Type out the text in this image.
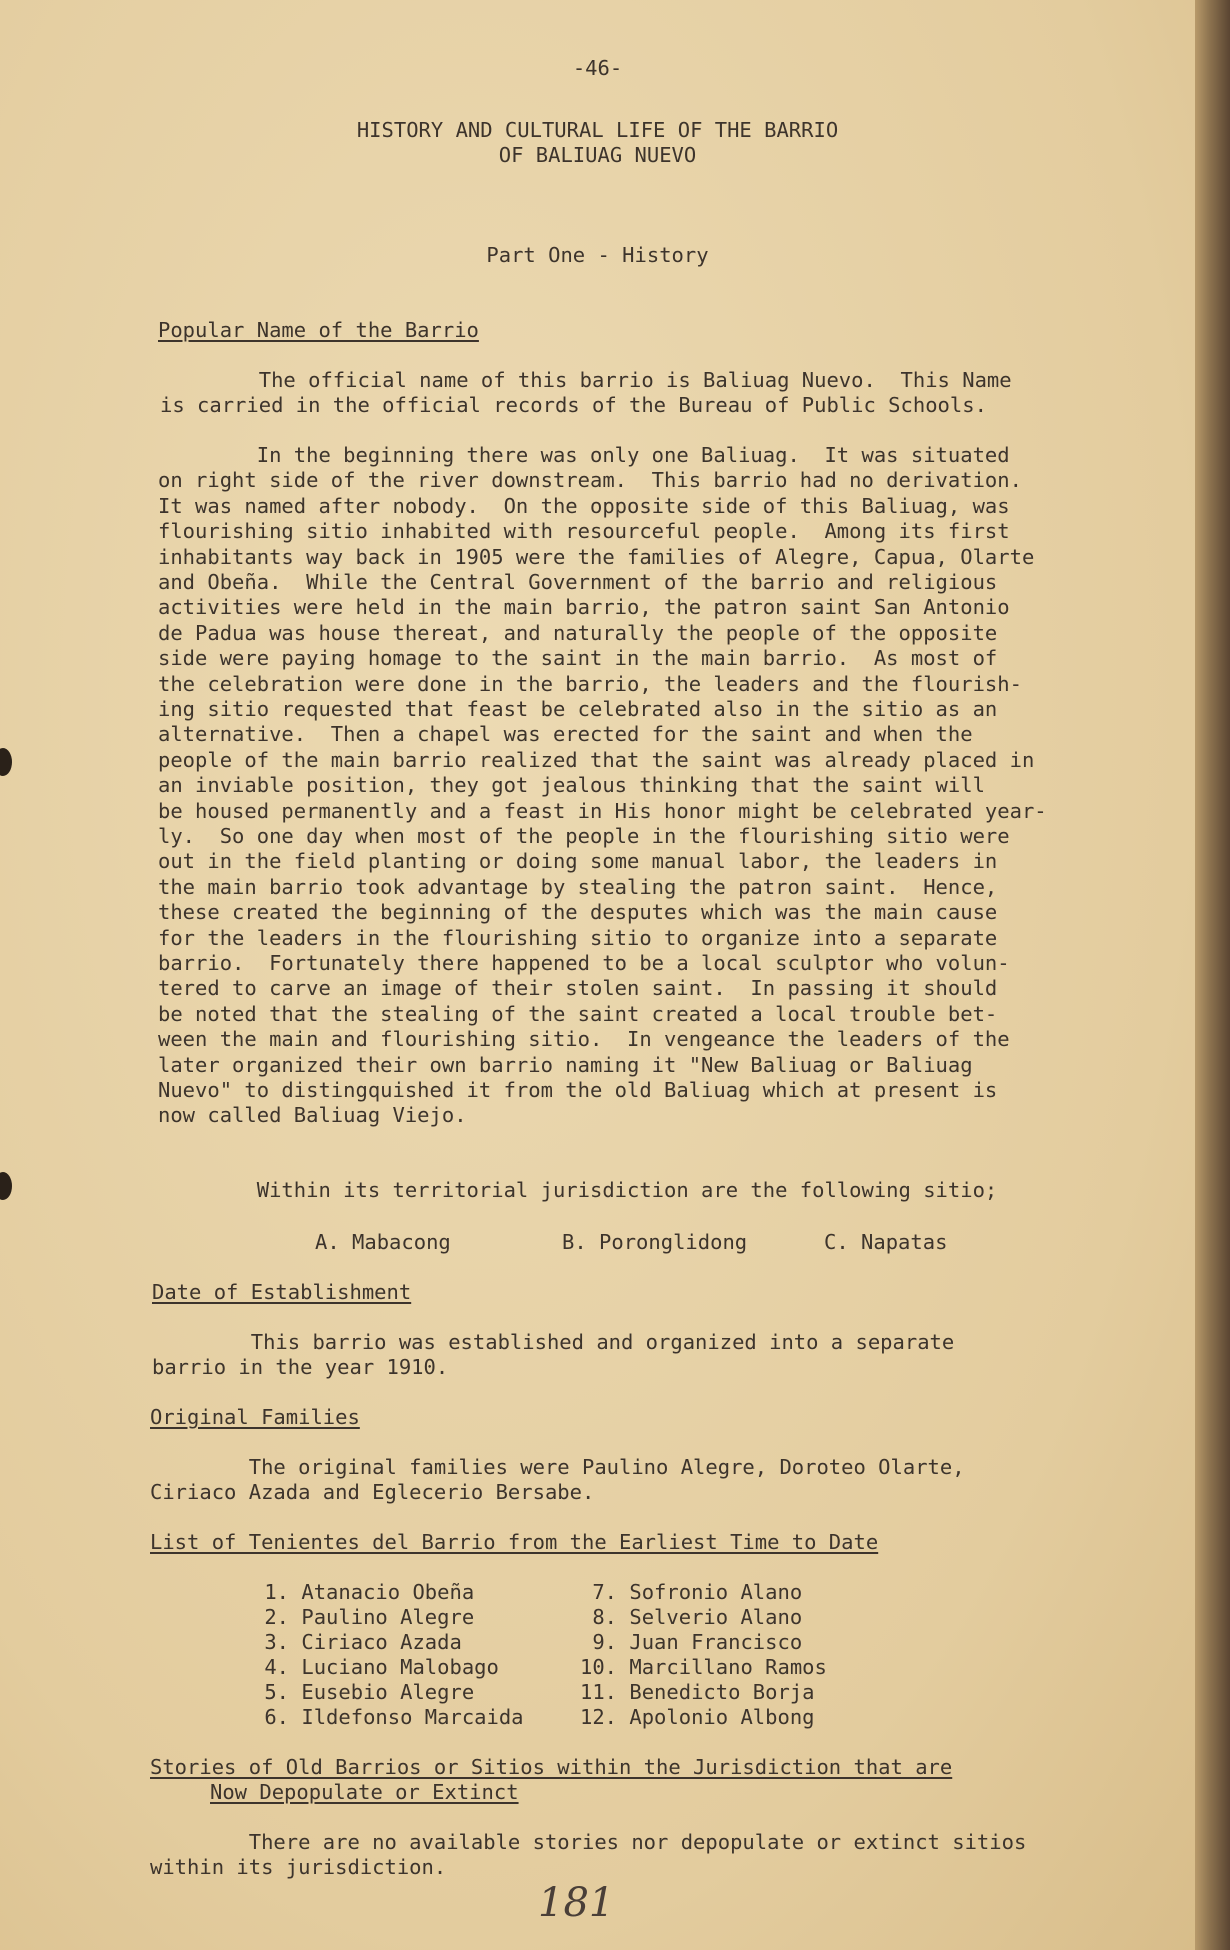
-46-
HISTORY AND CULTURAL LIFE OF THE BARRIO
OF BALIUAG NUEVO
Part One - History
Popular Name of the Barrio
The official name of this barrio is Baliuag Nuevo.  This Name
is carried in the official records of the Bureau of Public Schools.
In the beginning there was only one Baliuag.  It was situated
on right side of the river downstream.  This barrio had no derivation.
It was named after nobody.  On the opposite side of this Baliuag, was
flourishing sitio inhabited with resourceful people.  Among its first
inhabitants way back in 1905 were the families of Alegre, Capua, Olarte
and Obeña.  While the Central Government of the barrio and religious
activities were held in the main barrio, the patron saint San Antonio
de Padua was house thereat, and naturally the people of the opposite
side were paying homage to the saint in the main barrio.  As most of
the celebration were done in the barrio, the leaders and the flourish-
ing sitio requested that feast be celebrated also in the sitio as an
alternative.  Then a chapel was erected for the saint and when the
people of the main barrio realized that the saint was already placed in
an inviable position, they got jealous thinking that the saint will
be housed permanently and a feast in His honor might be celebrated year-
ly.  So one day when most of the people in the flourishing sitio were
out in the field planting or doing some manual labor, the leaders in
the main barrio took advantage by stealing the patron saint.  Hence,
these created the beginning of the desputes which was the main cause
for the leaders in the flourishing sitio to organize into a separate
barrio.  Fortunately there happened to be a local sculptor who volun-
tered to carve an image of their stolen saint.  In passing it should
be noted that the stealing of the saint created a local trouble bet-
ween the main and flourishing sitio.  In vengeance the leaders of the
later organized their own barrio naming it "New Baliuag or Baliuag
Nuevo" to distingquished it from the old Baliuag which at present is
now called Baliuag Viejo.
Within its territorial jurisdiction are the following sitio;
A. Mabacong	B. Poronglidong	C. Napatas
Date of Establishment
This barrio was established and organized into a separate
barrio in the year 1910.
Original Families
The original families were Paulino Alegre, Doroteo Olarte,
Ciriaco Azada and Eglecerio Bersabe.
List of Tenientes del Barrio from the Earliest Time to Date
1. Atanacio Obeña
2. Paulino Alegre
3. Ciriaco Azada
4. Luciano Malobago
5. Eusebio Alegre
6. Ildefonso Marcaida
7. Sofronio Alano
8. Selverio Alano
9. Juan Francisco
10. Marcillano Ramos
11. Benedicto Borja
12. Apolonio Albong
Stories of Old Barrios or Sitios within the Jurisdiction that are
Now Depopulate or Extinct
There are no available stories nor depopulate or extinct sitios
within its jurisdiction.
181
